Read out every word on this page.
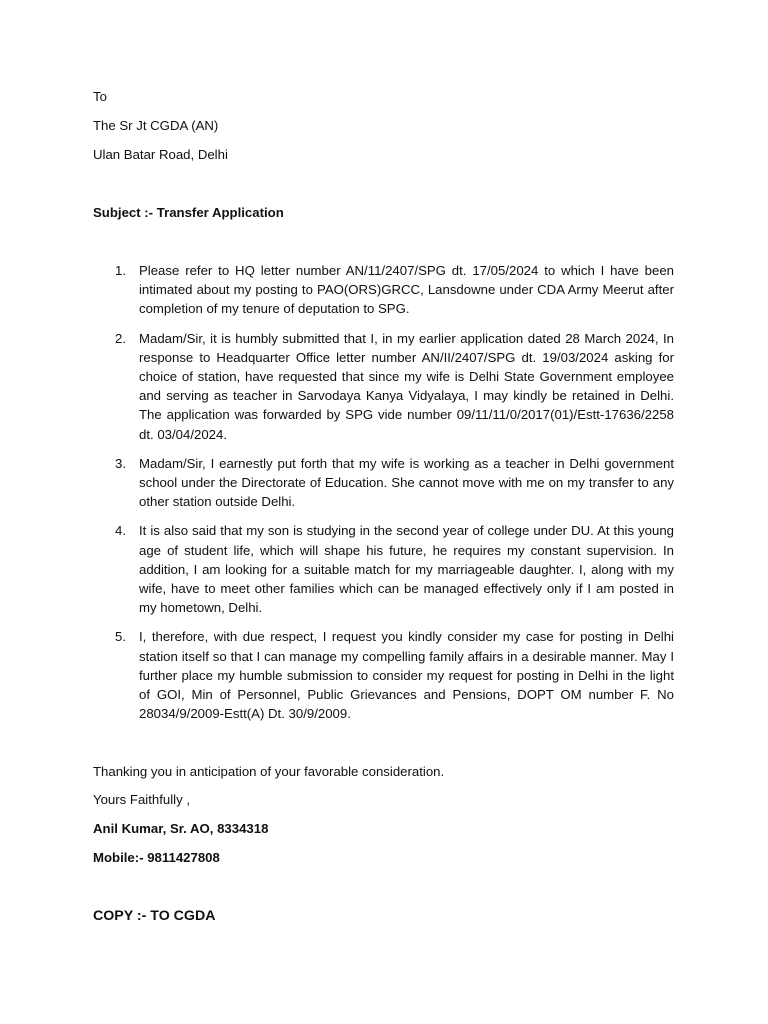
To
The Sr Jt CGDA (AN)
Ulan Batar Road, Delhi
Subject :- Transfer Application
1. Please refer to HQ letter number AN/11/2407/SPG dt. 17/05/2024 to which I have been intimated about my posting to PAO(ORS)GRCC, Lansdowne under CDA Army Meerut after completion of my tenure of deputation to SPG.
2. Madam/Sir, it is humbly submitted that I, in my earlier application dated 28 March 2024, In response to Headquarter Office letter number AN/II/2407/SPG dt. 19/03/2024 asking for choice of station, have requested that since my wife is Delhi State Government employee and serving as teacher in Sarvodaya Kanya Vidyalaya, I may kindly be retained in Delhi. The application was forwarded by SPG vide number 09/11/11/0/2017(01)/Estt-17636/2258 dt. 03/04/2024.
3. Madam/Sir, I earnestly put forth that my wife is working as a teacher in Delhi government school under the Directorate of Education. She cannot move with me on my transfer to any other station outside Delhi.
4. It is also said that my son is studying in the second year of college under DU. At this young age of student life, which will shape his future, he requires my constant supervision. In addition, I am looking for a suitable match for my marriageable daughter. I, along with my wife, have to meet other families which can be managed effectively only if I am posted in my hometown, Delhi.
5. I, therefore, with due respect, I request you kindly consider my case for posting in Delhi station itself so that I can manage my compelling family affairs in a desirable manner. May I further place my humble submission to consider my request for posting in Delhi in the light of GOI, Min of Personnel, Public Grievances and Pensions, DOPT OM number F. No 28034/9/2009-Estt(A) Dt. 30/9/2009.
Thanking you in anticipation of your favorable consideration.
Yours Faithfully ,
Anil Kumar, Sr. AO, 8334318
Mobile:- 9811427808
COPY :- TO CGDA
